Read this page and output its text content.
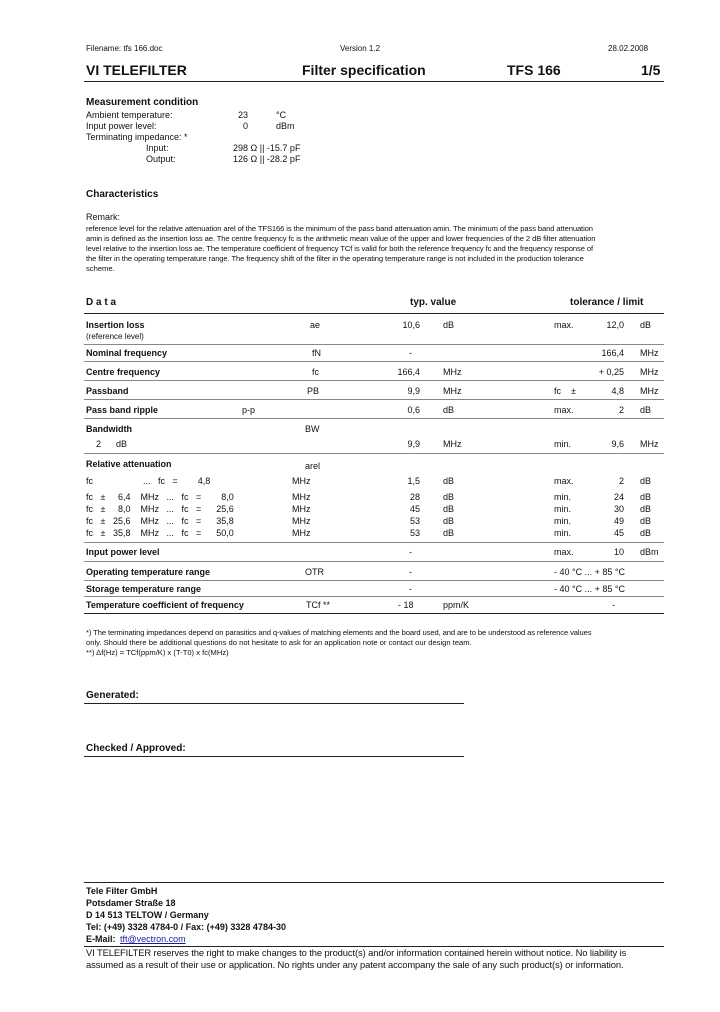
Filename: tfs 166.doc	Version 1.2	28.02.2008
VI TELEFILTER	Filter specification	TFS 166	1/5
Measurement condition
Ambient temperature:	23	°C
Input power level:	0	dBm
Terminating impedance: *
Input:	298 Ω || -15.7 pF
Output:	126 Ω || -28.2 pF
Characteristics
Remark:
reference level for the relative attenuation arel of the TFS166 is the minimum of the pass band attenuation amin. The minimum of the pass band attenuation
amin is defined as the insertion loss ae. The centre frequency fc is the arithmetic mean value of the upper and lower frequencies of the 2 dB filter attenuation
level relative to the insertion loss ae. The temperature coefficient of frequency TCf is valid for both the reference frequency fc and the frequency response of
the filter in the operating temperature range. The frequency shift of the filter in the operating temperature range is not included in the production tolerance
scheme.
D a t a	typ. value	tolerance / limit
Insertion loss
(reference level)
ae	10,6	dB	max.	12,0 dB
Nominal frequency	fN	-	166,4 MHz
Centre frequency	fc	166,4	MHz	+ 0,25 MHz
Passband	PB	9,9	MHz	fc    ±	4,8 MHz
Pass band ripple	p-p	0,6	dB	max.	2 dB
Bandwidth	BW
2      dB	9,9	MHz	min.	9,6 MHz
Relative attenuation	arel
fc                    ...   fc   =        4,8	MHz	1,5	dB	max.	2 dB
fc   ±     6,4    MHz   ...   fc   =        8,0	MHz	28	dB	min.	24 dB
fc   ±     8,0    MHz   ...   fc   =      25,6	MHz	45	dB	min.	30 dB
fc   ±   25,6    MHz   ...   fc   =      35,8	MHz	53	dB	min.	49 dB
fc   ±   35,8    MHz   ...   fc   =      50,0	MHz	53	dB	min.	45 dB
Input power level	-	max.	10 dBm
Operating temperature range	OTR	-	- 40 °C ... + 85 °C
Storage temperature range	-	- 40 °C ... + 85 °C
Temperature coefficient of frequency	TCf **	- 18	ppm/K	-
*) The terminating impedances depend on parasitics and q-values of matching elements and the board used, and are to be understood as reference values
only. Should there be additional questions do not hesitate to ask for an application note or contact our design team.
**) Δf(Hz) = TCf(ppm/K) x (T-T0) x fc(MHz)
Generated:
Checked / Approved:
Tele Filter GmbH
Potsdamer Straße 18
D 14 513 TELTOW / Germany
Tel: (+49) 3328 4784-0 / Fax: (+49) 3328 4784-30
E-Mail: tft@vectron.com
VI TELEFILTER reserves the right to make changes to the product(s) and/or information contained herein without notice. No liability is
assumed as a result of their use or application. No rights under any patent accompany the sale of any such product(s) or information.
